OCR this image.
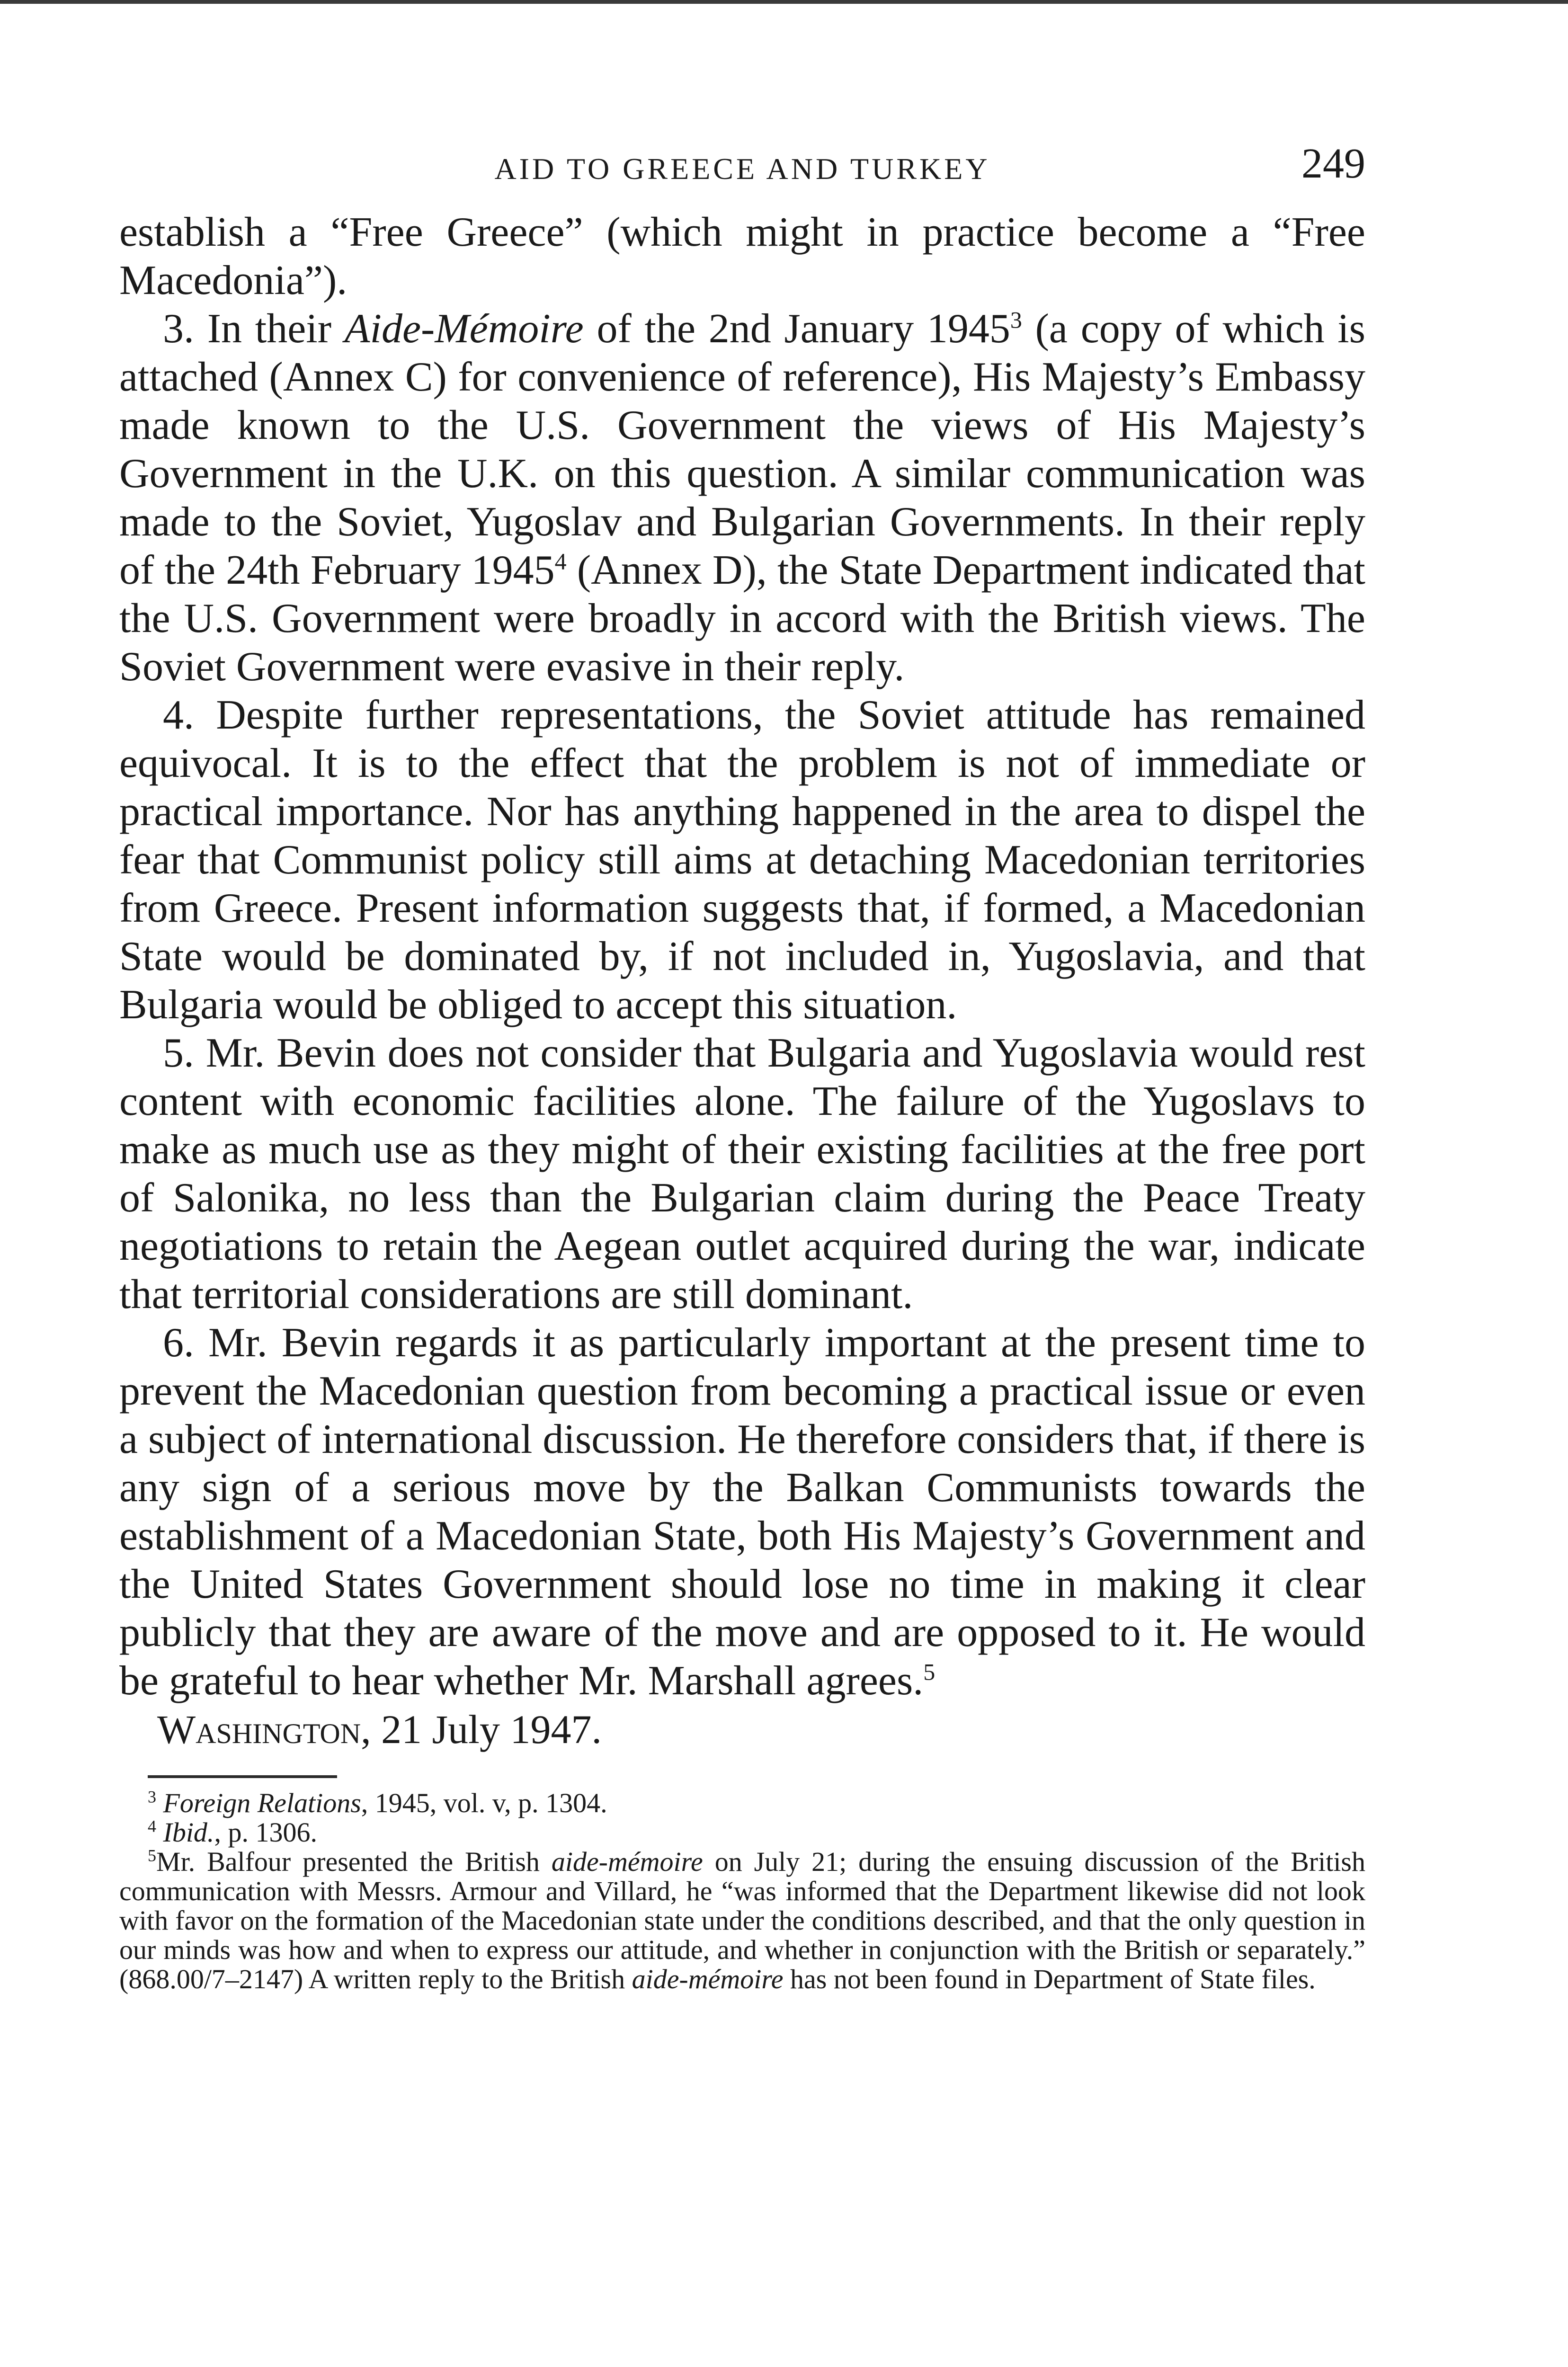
AID TO GREECE AND TURKEY	249

establish a “Free Greece” (which might in practice become a “Free Macedonia”).

3. In their Aide-Mémoire of the 2nd January 1945$^3$ (a copy of which is attached (Annex C) for convenience of reference), His Majesty’s Embassy made known to the U.S. Government the views of His Majesty’s Government in the U.K. on this question. A similar communication was made to the Soviet, Yugoslav and Bulgarian Governments. In their reply of the 24th February 1945$^4$ (Annex D), the State Department indicated that the U.S. Government were broadly in accord with the British views. The Soviet Government were evasive in their reply.

4. Despite further representations, the Soviet attitude has remained equivocal. It is to the effect that the problem is not of immediate or practical importance. Nor has anything happened in the area to dispel the fear that Communist policy still aims at detaching Macedonian territories from Greece. Present information suggests that, if formed, a Macedonian State would be dominated by, if not included in, Yugoslavia, and that Bulgaria would be obliged to accept this situation.

5. Mr. Bevin does not consider that Bulgaria and Yugoslavia would rest content with economic facilities alone. The failure of the Yugoslavs to make as much use as they might of their existing facilities at the free port of Salonika, no less than the Bulgarian claim during the Peace Treaty negotiations to retain the Aegean outlet acquired during the war, indicate that territorial considerations are still dominant.

6. Mr. Bevin regards it as particularly important at the present time to prevent the Macedonian question from becoming a practical issue or even a subject of international discussion. He therefore considers that, if there is any sign of a serious move by the Balkan Communists towards the establishment of a Macedonian State, both His Majesty’s Government and the United States Government should lose no time in making it clear publicly that they are aware of the move and are opposed to it. He would be grateful to hear whether Mr. Marshall agrees.$^5$

Washington, 21 July 1947.

$^3$ Foreign Relations, 1945, vol. v, p. 1304.

$^4$ Ibid., p. 1306.

$^5$Mr. Balfour presented the British aide-mémoire on July 21; during the ensuing discussion of the British communication with Messrs. Armour and Villard, he “was informed that the Department likewise did not look with favor on the formation of the Macedonian state under the conditions described, and that the only question in our minds was how and when to express our attitude, and whether in conjunction with the British or separately.” (868.00/7–2147) A written reply to the British aide-mémoire has not been found in Department of State files.
